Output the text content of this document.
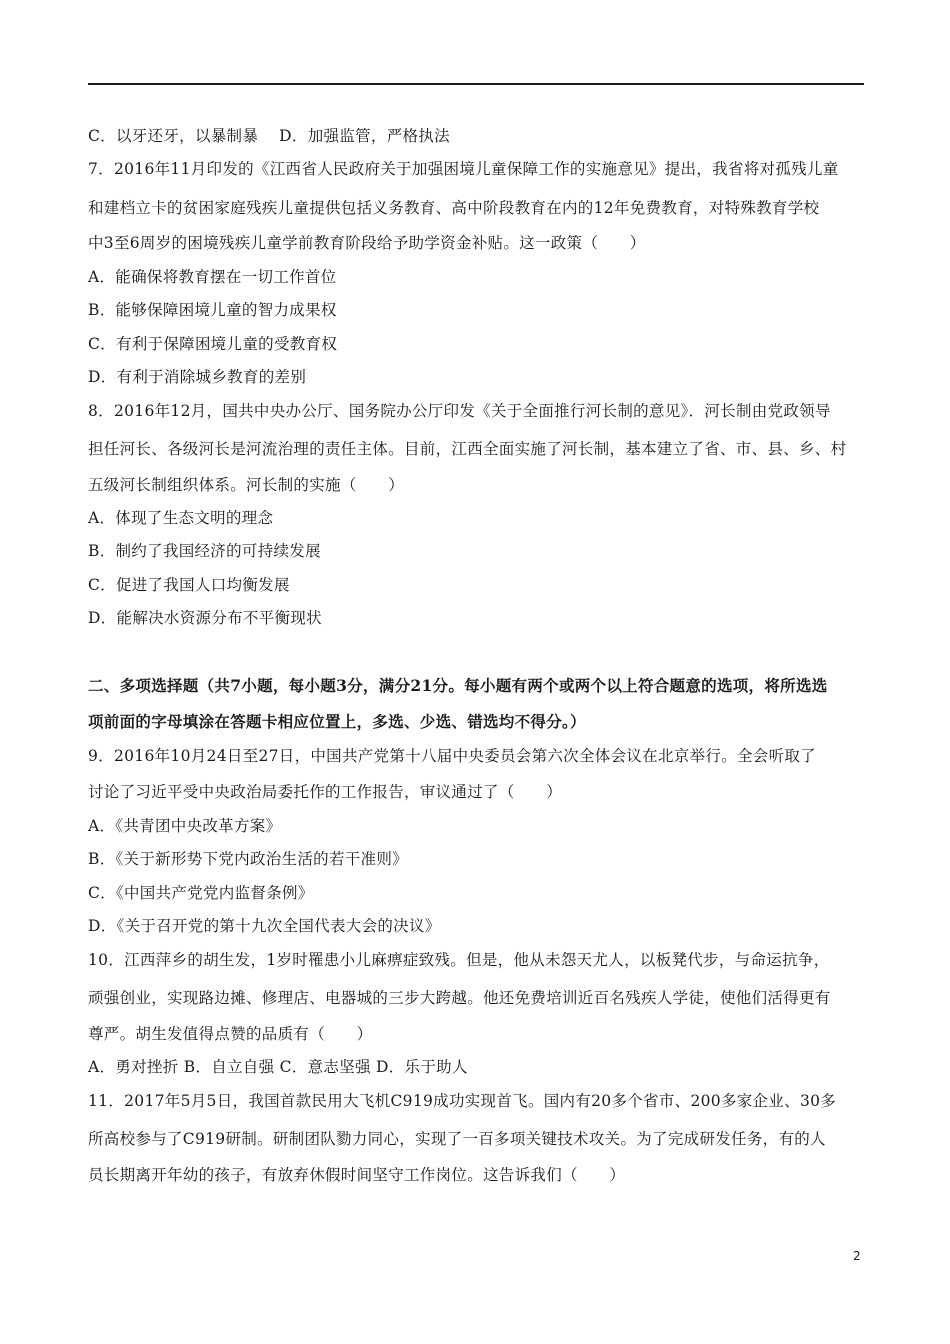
C．以牙还牙，以暴制暴　 D．加强监管，严格执法
7．2016年11月印发的《江西省人民政府关于加强困境儿童保障工作的实施意见》提出，我省将对孤残儿童
和建档立卡的贫困家庭残疾儿童提供包括义务教育、高中阶段教育在内的12年免费教育，对特殊教育学校
中3至6周岁的困境残疾儿童学前教育阶段给予助学资金补贴。这一政策（　　）
A．能确保将教育摆在一切工作首位
B．能够保障困境儿童的智力成果权
C．有利于保障困境儿童的受教育权
D．有利于消除城乡教育的差别
8．2016年12月，国共中央办公厅、国务院办公厅印发《关于全面推行河长制的意见》．河长制由党政领导
担任河长、各级河长是河流治理的责任主体。目前，江西全面实施了河长制，基本建立了省、市、县、乡、村
五级河长制组织体系。河长制的实施（　　）
A．体现了生态文明的理念
B．制约了我国经济的可持续发展
C．促进了我国人口均衡发展
D．能解决水资源分布不平衡现状
二、多项选择题（共7小题，每小题3分，满分21分。每小题有两个或两个以上符合题意的选项，将所选选
项前面的字母填涂在答题卡相应位置上，多选、少选、错选均不得分。）
9．2016年10月24日至27日，中国共产党第十八届中央委员会第六次全体会议在北京举行。全会听取了
讨论了习近平受中央政治局委托作的工作报告，审议通过了（　　）
A．《共青团中央改革方案》
B．《关于新形势下党内政治生活的若干准则》
C．《中国共产党党内监督条例》
D．《关于召开党的第十九次全国代表大会的决议》
10．江西萍乡的胡生发，1岁时罹患小儿麻痹症致残。但是，他从未怨天尤人，以板凳代步，与命运抗争，
顽强创业，实现路边摊、修理店、电器城的三步大跨越。他还免费培训近百名残疾人学徒，使他们活得更有
尊严。胡生发值得点赞的品质有（　　）
A．勇对挫折 B．自立自强 C．意志坚强 D．乐于助人
11．2017年5月5日，我国首款民用大飞机C919成功实现首飞。国内有20多个省市、200多家企业、30多
所高校参与了C919研制。研制团队勠力同心，实现了一百多项关键技术攻关。为了完成研发任务，有的人
员长期离开年幼的孩子，有放弃休假时间坚守工作岗位。这告诉我们（　　）
2
